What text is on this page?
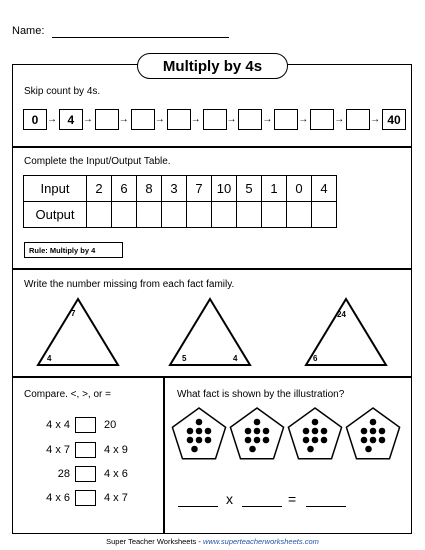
Name:
Multiply by 4s
Skip count by 4s.
0 → 4 →	→	→	→	→	→	→	→	→ 40
Complete the Input/Output Table.
Input	2	6	8	3	7	10	5	1	0	4
Output										
Rule: Multiply by 4
Write the number missing from each fact family.
7
4	5	4
24
6
Compare. <, >, or =
4 x 4	20
4 x 7	4 x 9
28	4 x 6
4 x 6	4 x 7
What fact is shown by the illustration?
x	=
Super Teacher Worksheets - www.superteacherworksheets.com
